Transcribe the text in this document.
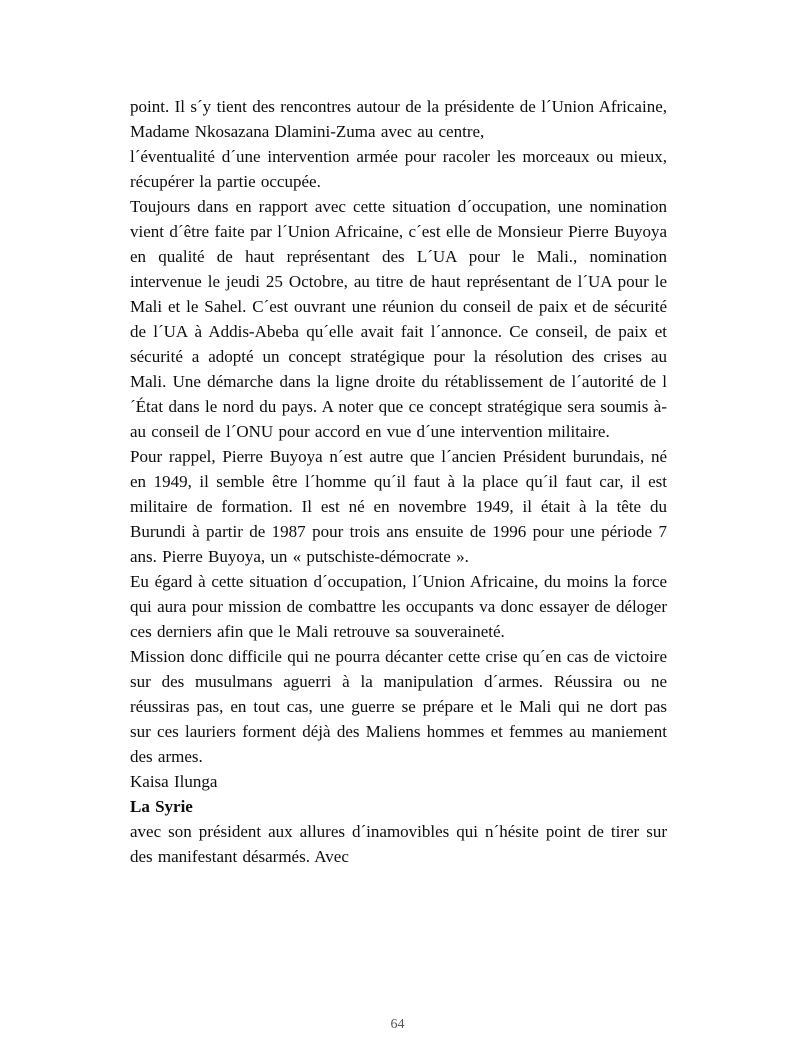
point. Il s´y tient des rencontres autour de la présidente de l´Union Africaine, Madame Nkosazana Dlamini-Zuma avec au centre,

l´éventualité d´une intervention armée pour racoler les morceaux ou mieux, récupérer la partie occupée.

Toujours dans en rapport avec cette situation d´occupation, une nomination vient d´être faite par l´Union Africaine, c´est elle de Monsieur Pierre Buyoya en qualité de haut représentant des L´UA pour le Mali., nomination intervenue le jeudi 25 Octobre, au titre de haut représentant de l´UA pour le Mali et le Sahel. C´est ouvrant une réunion du conseil de paix et de sécurité de l´UA à Addis-Abeba qu´elle avait fait l´annonce. Ce conseil, de paix et sécurité a adopté un concept stratégique pour la résolution des crises au Mali. Une démarche dans la ligne droite du rétablissement de l´autorité de l´État dans le nord du pays. A noter que ce concept stratégique sera soumis à-au conseil de l´ONU pour accord en vue d´une intervention militaire.

Pour rappel, Pierre Buyoya n´est autre que l´ancien Président burundais, né en 1949, il semble être l´homme qu´il faut à la place qu´il faut car, il est militaire de formation. Il est né en novembre 1949, il était à la tête du Burundi à partir de 1987 pour trois ans ensuite de 1996 pour une période 7 ans. Pierre Buyoya, un « putschiste-démocrate ».

Eu égard à cette situation d´occupation, l´Union Africaine, du moins la force qui aura pour mission de combattre les occupants va donc essayer de déloger ces derniers afin que le Mali retrouve sa souveraineté.

Mission donc difficile qui ne pourra décanter cette crise qu´en cas de victoire sur des musulmans aguerri à la manipulation d´armes. Réussira ou ne réussiras pas, en tout cas, une guerre se prépare et le Mali qui ne dort pas sur ces lauriers forment déjà des Maliens hommes et femmes au maniement des armes.

Kaisa Ilunga

La Syrie

avec son président aux allures d´inamovibles qui n´hésite point de tirer sur des manifestant désarmés. Avec

64
